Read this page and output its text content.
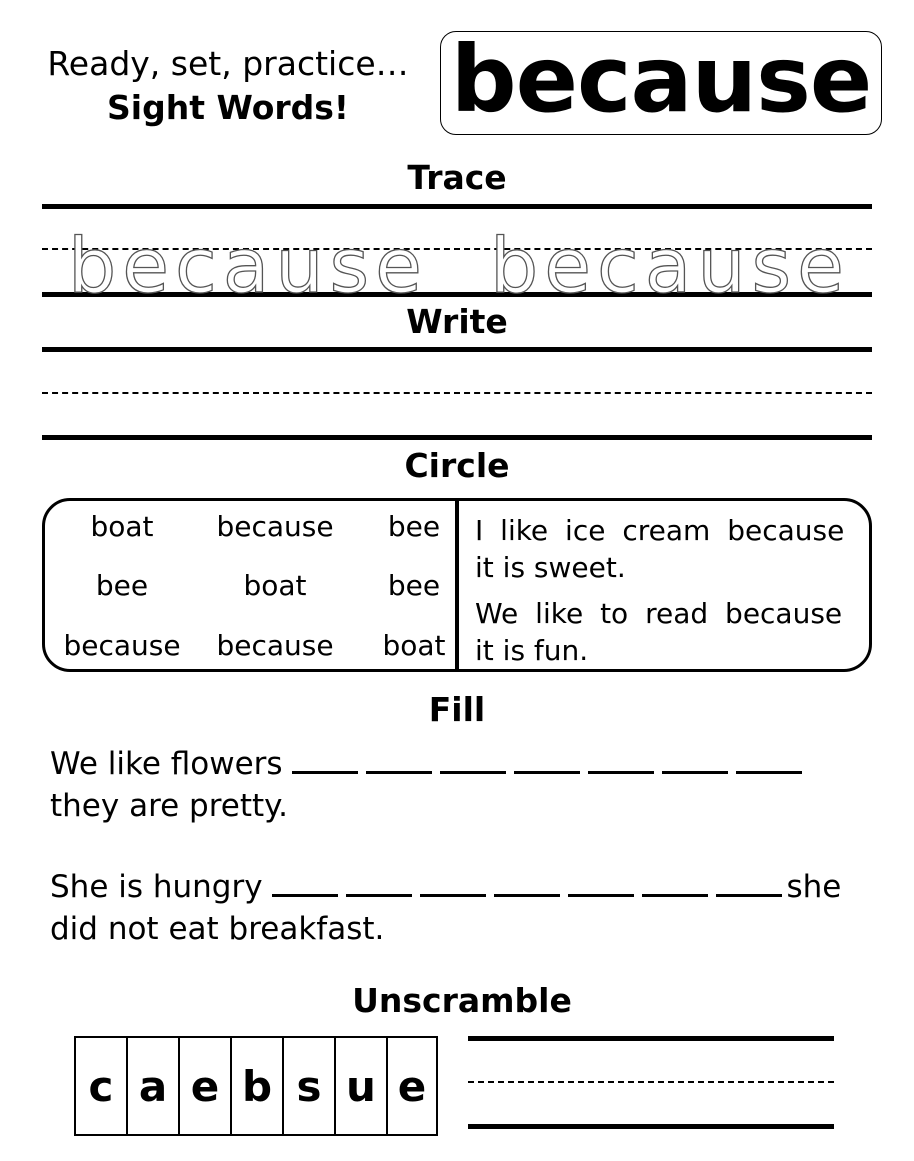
Ready, set, practice…
Sight Words!	because
Trace
because because
Write
Circle
boat	because	bee
bee	boat	bee
because	because	boat
I like ice cream because
it is sweet.
We like to read because
it is fun.
Fill
We like flowers
they are pretty.
She is hungry	she
did not eat breakfast.
Unscramble
c a e b s u e
